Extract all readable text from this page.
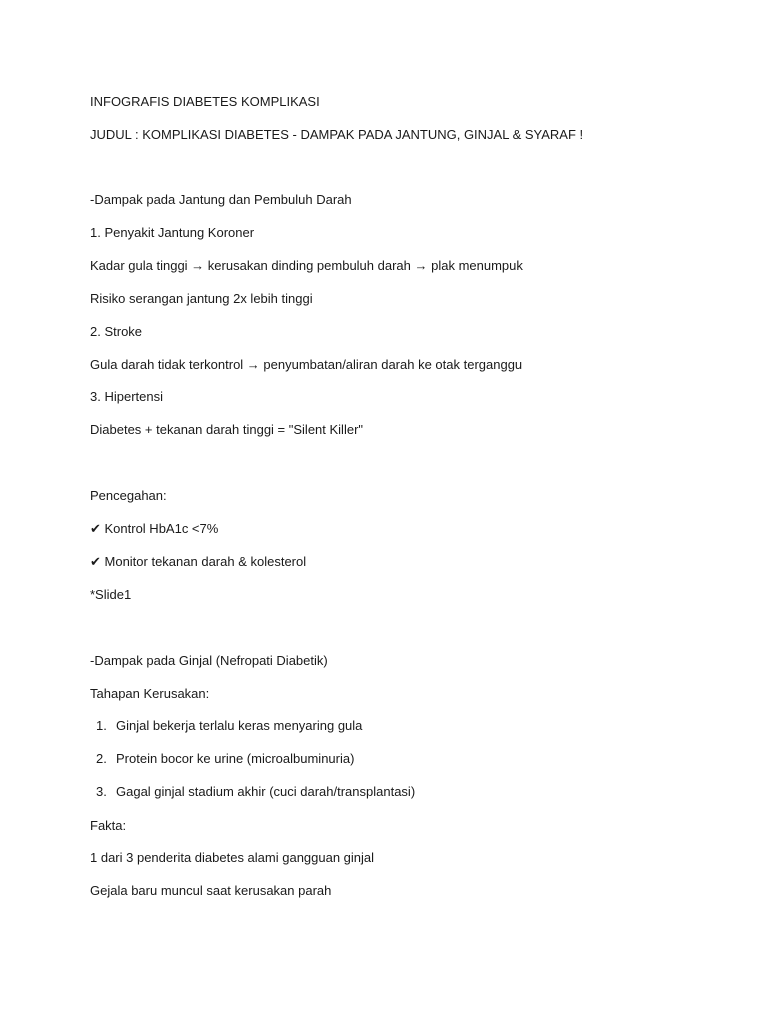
INFOGRAFIS DIABETES KOMPLIKASI
JUDUL : KOMPLIKASI DIABETES - DAMPAK PADA JANTUNG, GINJAL & SYARAF !
-Dampak pada Jantung dan Pembuluh Darah
1. Penyakit Jantung Koroner
Kadar gula tinggi → kerusakan dinding pembuluh darah → plak menumpuk
Risiko serangan jantung 2x lebih tinggi
2. Stroke
Gula darah tidak terkontrol → penyumbatan/aliran darah ke otak terganggu
3. Hipertensi
Diabetes + tekanan darah tinggi = "Silent Killer"
Pencegahan:
✔ Kontrol HbA1c <7%
✔ Monitor tekanan darah & kolesterol
*Slide1
-Dampak pada Ginjal (Nefropati Diabetik)
Tahapan Kerusakan:
1. Ginjal bekerja terlalu keras menyaring gula
2. Protein bocor ke urine (microalbuminuria)
3. Gagal ginjal stadium akhir (cuci darah/transplantasi)
Fakta:
1 dari 3 penderita diabetes alami gangguan ginjal
Gejala baru muncul saat kerusakan parah
